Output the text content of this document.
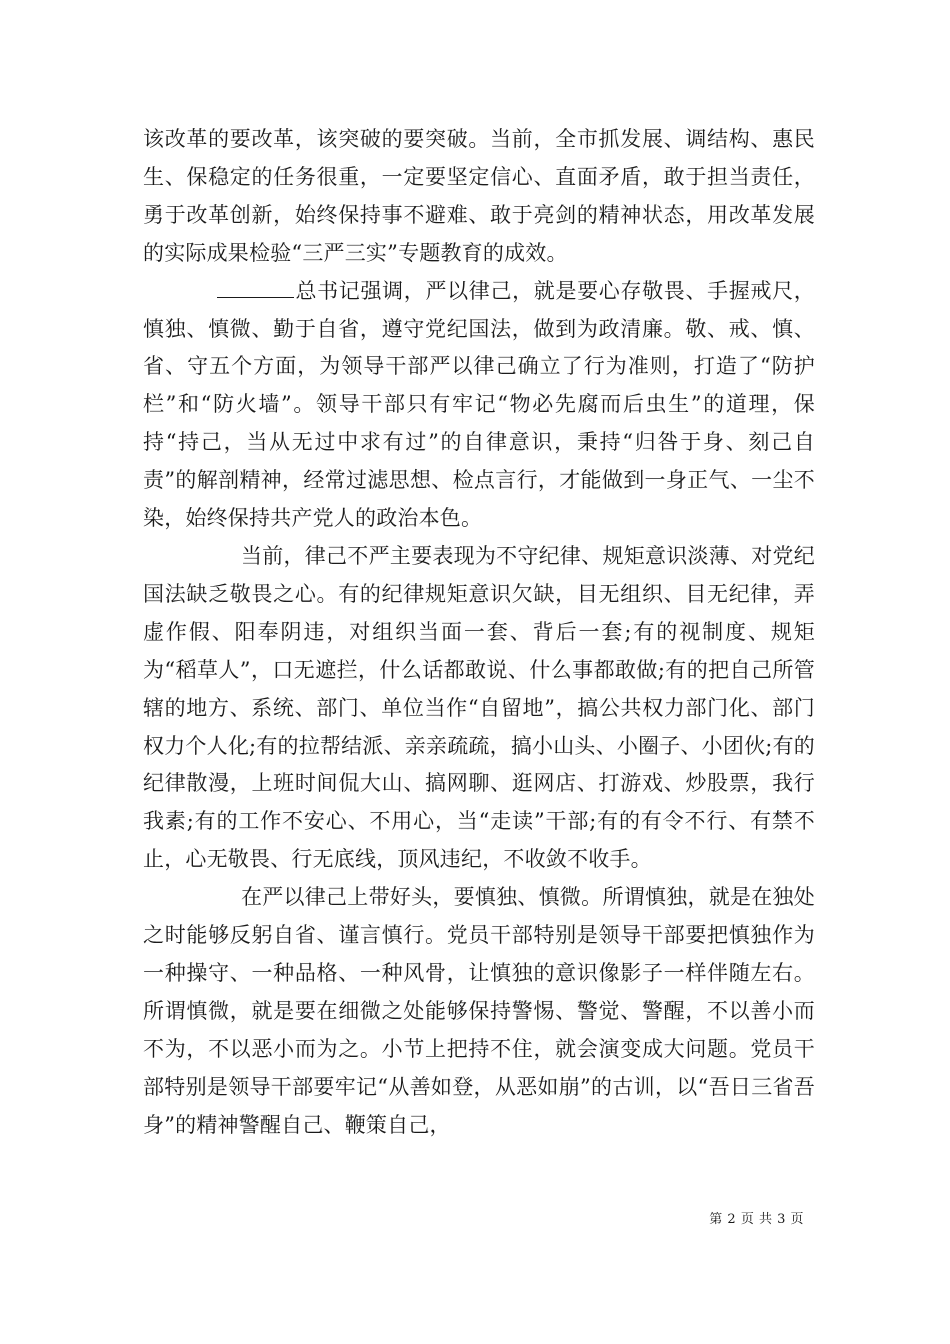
该改革的要改革，该突破的要突破。当前，全市抓发展、调结构、惠民生、保稳定的任务很重，一定要坚定信心、直面矛盾，敢于担当责任，勇于改革创新，始终保持事不避难、敢于亮剑的精神状态，用改革发展的实际成果检验“三严三实”专题教育的成效。

总书记强调，严以律己，就是要心存敬畏、手握戒尺，慎独、慎微、勤于自省，遵守党纪国法，做到为政清廉。敬、戒、慎、省、守五个方面，为领导干部严以律己确立了行为准则，打造了“防护栏”和“防火墙”。领导干部只有牢记“物必先腐而后虫生”的道理，保持“持己，当从无过中求有过”的自律意识，秉持“归咎于身、刻己自责”的解剖精神，经常过滤思想、检点言行，才能做到一身正气、一尘不染，始终保持共产党人的政治本色。

当前，律己不严主要表现为不守纪律、规矩意识淡薄、对党纪国法缺乏敬畏之心。有的纪律规矩意识欠缺，目无组织、目无纪律，弄虚作假、阳奉阴违，对组织当面一套、背后一套;有的视制度、规矩为“稻草人”，口无遮拦，什么话都敢说、什么事都敢做;有的把自己所管辖的地方、系统、部门、单位当作“自留地”，搞公共权力部门化、部门权力个人化;有的拉帮结派、亲亲疏疏，搞小山头、小圈子、小团伙;有的纪律散漫，上班时间侃大山、搞网聊、逛网店、打游戏、炒股票，我行我素;有的工作不安心、不用心，当“走读”干部;有的有令不行、有禁不止，心无敬畏、行无底线，顶风违纪，不收敛不收手。

在严以律己上带好头，要慎独、慎微。所谓慎独，就是在独处之时能够反躬自省、谨言慎行。党员干部特别是领导干部要把慎独作为一种操守、一种品格、一种风骨，让慎独的意识像影子一样伴随左右。所谓慎微，就是要在细微之处能够保持警惕、警觉、警醒，不以善小而不为，不以恶小而为之。小节上把持不住，就会演变成大问题。党员干部特别是领导干部要牢记“从善如登，从恶如崩”的古训，以“吾日三省吾身”的精神警醒自己、鞭策自己，

第 2 页 共 3 页
